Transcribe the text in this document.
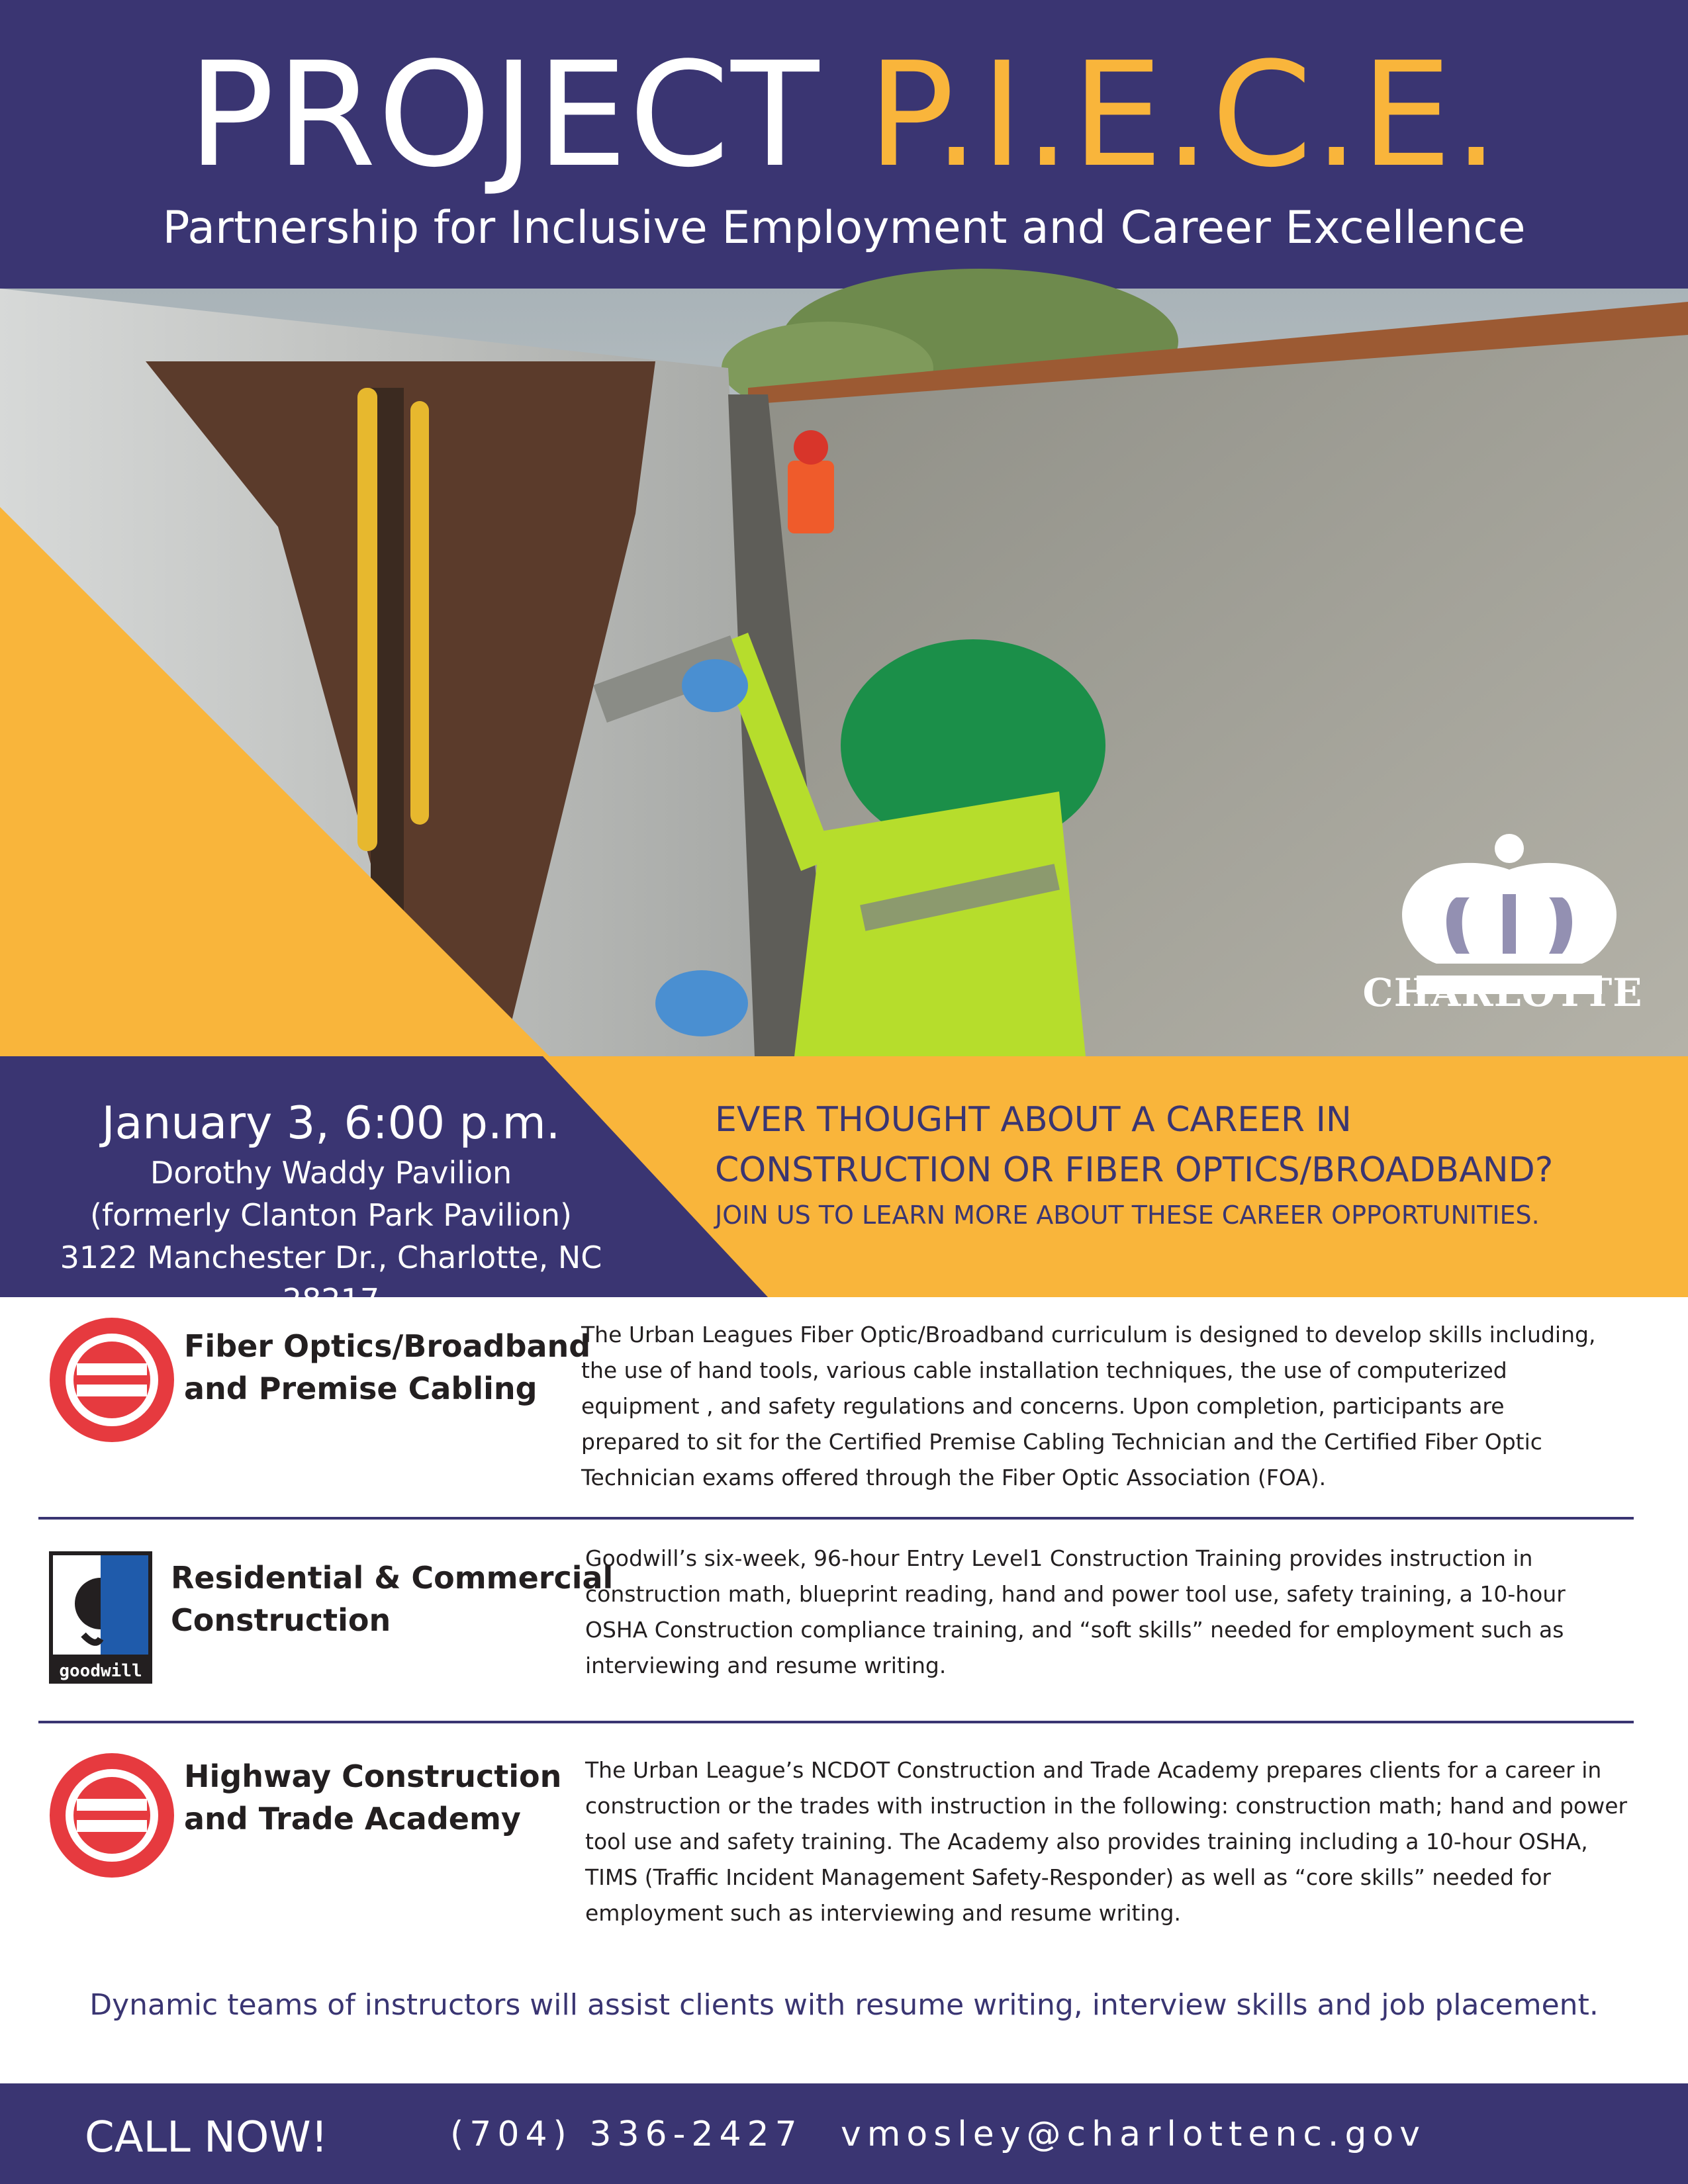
PROJECT P.I.E.C.E.
Partnership for Inclusive Employment and Career Excellence
CHARLOTTE
January 3, 6:00 p.m.
Dorothy Waddy Pavilion
(formerly Clanton Park Pavilion)
3122 Manchester Dr., Charlotte, NC 28217
EVER THOUGHT ABOUT A CAREER IN
CONSTRUCTION OR FIBER OPTICS/BROADBAND?
JOIN US TO LEARN MORE ABOUT THESE CAREER OPPORTUNITIES.
Fiber Optics/Broadband
and Premise Cabling
The Urban Leagues Fiber Optic/Broadband curriculum is designed to develop skills including,
the use of hand tools, various cable installation techniques, the use of computerized
equipment , and safety regulations and concerns. Upon completion, participants are
prepared to sit for the Certified Premise Cabling Technician and the Certified Fiber Optic
Technician exams offered through the Fiber Optic Association (FOA).
goodwill
Residential & Commercial
Construction
Goodwill’s six-week, 96-hour Entry Level1 Construction Training provides instruction in
construction math, blueprint reading, hand and power tool use, safety training, a 10-hour
OSHA Construction compliance training, and “soft skills” needed for employment such as
interviewing and resume writing.
Highway Construction
and Trade Academy
The Urban League’s NCDOT Construction and Trade Academy prepares clients for a career in
construction or the trades with instruction in the following: construction math; hand and power
tool use and safety training. The Academy also provides training including a 10-hour OSHA,
TIMS (Traffic Incident Management Safety-Responder) as well as “core skills” needed for
employment such as interviewing and resume writing.
Dynamic teams of instructors will assist clients with resume writing, interview skills and job placement.
CALL NOW!	(704) 336-2427 vmosley@charlottenc.gov
